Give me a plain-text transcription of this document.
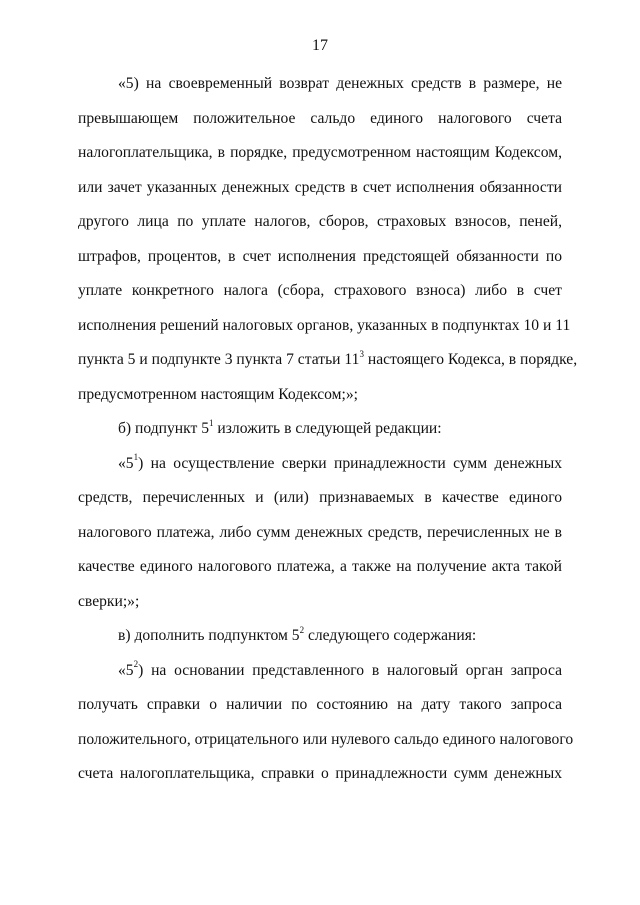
17
«5) на своевременный возврат денежных средств в размере, не
превышающем положительное сальдо единого налогового счета
налогоплательщика, в порядке, предусмотренном настоящим Кодексом,
или зачет указанных денежных средств в счет исполнения обязанности
другого лица по уплате налогов, сборов, страховых взносов, пеней,
штрафов, процентов, в счет исполнения предстоящей обязанности по
уплате конкретного налога (сбора, страхового взноса) либо в счет
исполнения решений налоговых органов, указанных в подпунктах 10 и 11
пункта 5 и подпункте 3 пункта 7 статьи $11^3$ настоящего Кодекса, в порядке,
предусмотренном настоящим Кодексом;»;
б) подпункт $5^1$ изложить в следующей редакции:
«$5^1$) на осуществление сверки принадлежности сумм денежных
средств, перечисленных и (или) признаваемых в качестве единого
налогового платежа, либо сумм денежных средств, перечисленных не в
качестве единого налогового платежа, а также на получение акта такой
сверки;»;
в) дополнить подпунктом $5^2$ следующего содержания:
«$5^2$) на основании представленного в налоговый орган запроса
получать справки о наличии по состоянию на дату такого запроса
положительного, отрицательного или нулевого сальдо единого налогового
счета налогоплательщика, справки о принадлежности сумм денежных
